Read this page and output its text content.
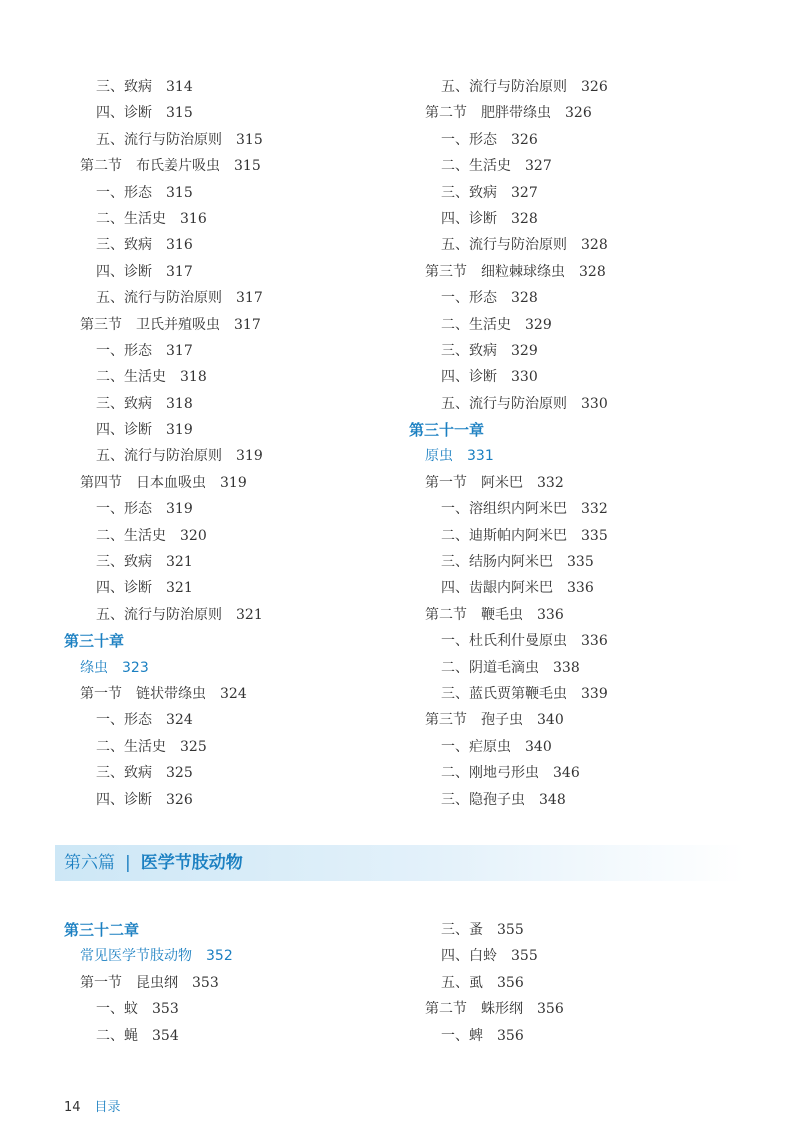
三、致病 314
四、诊断 315
五、流行与防治原则 315
第二节　布氏姜片吸虫 315
一、形态 315
二、生活史 316
三、致病 316
四、诊断 317
五、流行与防治原则 317
第三节　卫氏并殖吸虫 317
一、形态 317
二、生活史 318
三、致病 318
四、诊断 319
五、流行与防治原则 319
第四节　日本血吸虫 319
一、形态 319
二、生活史 320
三、致病 321
四、诊断 321
五、流行与防治原则 321
第三十章
绦虫 323
第一节　链状带绦虫 324
一、形态 324
二、生活史 325
三、致病 325
四、诊断 326
五、流行与防治原则 326
第二节　肥胖带绦虫 326
一、形态 326
二、生活史 327
三、致病 327
四、诊断 328
五、流行与防治原则 328
第三节　细粒棘球绦虫 328
一、形态 328
二、生活史 329
三、致病 329
四、诊断 330
五、流行与防治原则 330
第三十一章
原虫 331
第一节　阿米巴 332
一、溶组织内阿米巴 332
二、迪斯帕内阿米巴 335
三、结肠内阿米巴 335
四、齿龈内阿米巴 336
第二节　鞭毛虫 336
一、杜氏利什曼原虫 336
二、阴道毛滴虫 338
三、蓝氏贾第鞭毛虫 339
第三节　孢子虫 340
一、疟原虫 340
二、刚地弓形虫 346
三、隐孢子虫 348
第六篇 | 医学节肢动物
第三十二章
常见医学节肢动物 352
第一节　昆虫纲 353
一、蚊 353
二、蝇 354
三、蚤 355
四、白蛉 355
五、虱 356
第二节　蛛形纲 356
一、蜱 356
14 目录
